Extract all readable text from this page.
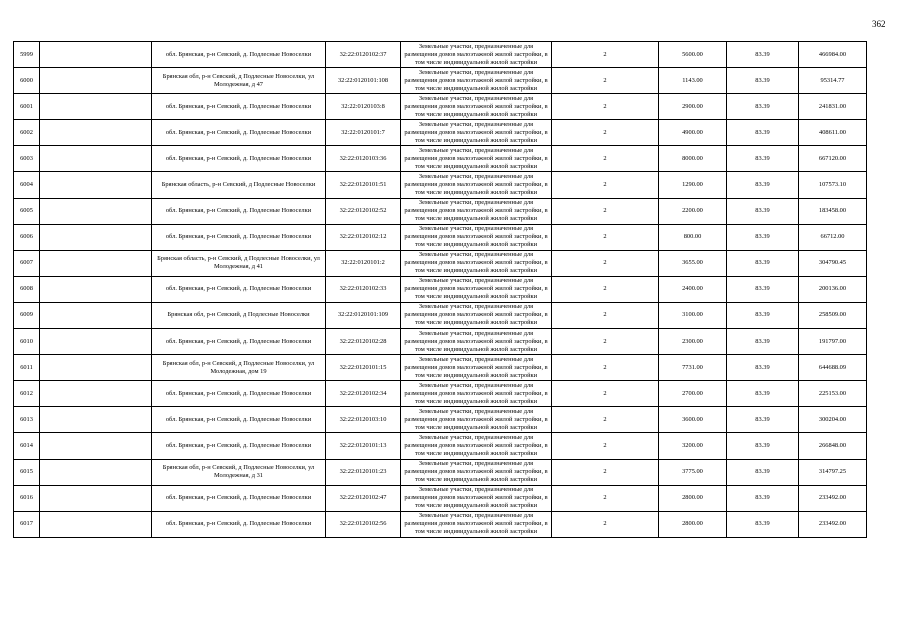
362
5999		обл. Брянская, р-н Севский, д. Подлесные Новоселки	32:22:0120102:37	Земельные участки, предназначенные для размещения домов малоэтажной жилой застройки, в том числе индивидуальной жилой застройки	2	5600.00	83.39	466984.00
6000		Брянская обл, р-н Севский, д Подлесные Новоселки, ул Молодежная, д 47	32:22:0120101:108	Земельные участки, предназначенные для размещения домов малоэтажной жилой застройки, в том числе индивидуальной жилой застройки	2	1143.00	83.39	95314.77
6001		обл. Брянская, р-н Севский, д. Подлесные Новоселки	32:22:0120103:8	Земельные участки, предназначенные для размещения домов малоэтажной жилой застройки, в том числе индивидуальной жилой застройки	2	2900.00	83.39	241831.00
6002		обл. Брянская, р-н Севский, д. Подлесные Новоселки	32:22:0120101:7	Земельные участки, предназначенные для размещения домов малоэтажной жилой застройки, в том числе индивидуальной жилой застройки	2	4900.00	83.39	408611.00
6003		обл. Брянская, р-н Севский, д. Подлесные Новоселки	32:22:0120103:36	Земельные участки, предназначенные для размещения домов малоэтажной жилой застройки, в том числе индивидуальной жилой застройки	2	8000.00	83.39	667120.00
6004		Брянская область, р-н Севский, д Подлесные Новоселки	32:22:0120101:51	Земельные участки, предназначенные для размещения домов малоэтажной жилой застройки, в том числе индивидуальной жилой застройки	2	1290.00	83.39	107573.10
6005		обл. Брянская, р-н Севский, д. Подлесные Новоселки	32:22:0120102:52	Земельные участки, предназначенные для размещения домов малоэтажной жилой застройки, в том числе индивидуальной жилой застройки	2	2200.00	83.39	183458.00
6006		обл. Брянская, р-н Севский, д. Подлесные Новоселки	32:22:0120102:12	Земельные участки, предназначенные для размещения домов малоэтажной жилой застройки, в том числе индивидуальной жилой застройки	2	800.00	83.39	66712.00
6007		Брянская область, р-н Севский, д Подлесные Новоселки, ул Молодежная, д 41	32:22:0120101:2	Земельные участки, предназначенные для размещения домов малоэтажной жилой застройки, в том числе индивидуальной жилой застройки	2	3655.00	83.39	304790.45
6008		обл. Брянская, р-н Севский, д. Подлесные Новоселки	32:22:0120102:33	Земельные участки, предназначенные для размещения домов малоэтажной жилой застройки, в том числе индивидуальной жилой застройки	2	2400.00	83.39	200136.00
6009		Брянская обл, р-н Севский, д Подлесные Новоселки	32:22:0120101:109	Земельные участки, предназначенные для размещения домов малоэтажной жилой застройки, в том числе индивидуальной жилой застройки	2	3100.00	83.39	258509.00
6010		обл. Брянская, р-н Севский, д. Подлесные Новоселки	32:22:0120102:28	Земельные участки, предназначенные для размещения домов малоэтажной жилой застройки, в том числе индивидуальной жилой застройки	2	2300.00	83.39	191797.00
6011		Брянская обл, р-н Севский, д Подлесные Новоселки, ул Молодежная, дом 19	32:22:0120101:15	Земельные участки, предназначенные для размещения домов малоэтажной жилой застройки, в том числе индивидуальной жилой застройки	2	7731.00	83.39	644688.09
6012		обл. Брянская, р-н Севский, д. Подлесные Новоселки	32:22:0120102:34	Земельные участки, предназначенные для размещения домов малоэтажной жилой застройки, в том числе индивидуальной жилой застройки	2	2700.00	83.39	225153.00
6013		обл. Брянская, р-н Севский, д. Подлесные Новоселки	32:22:0120103:10	Земельные участки, предназначенные для размещения домов малоэтажной жилой застройки, в том числе индивидуальной жилой застройки	2	3600.00	83.39	300204.00
6014		обл. Брянская, р-н Севский, д. Подлесные Новоселки	32:22:0120101:13	Земельные участки, предназначенные для размещения домов малоэтажной жилой застройки, в том числе индивидуальной жилой застройки	2	3200.00	83.39	266848.00
6015		Брянская обл, р-н Севский, д Подлесные Новоселки, ул Молодежная, д 31	32:22:0120101:23	Земельные участки, предназначенные для размещения домов малоэтажной жилой застройки, в том числе индивидуальной жилой застройки	2	3775.00	83.39	314797.25
6016		обл. Брянская, р-н Севский, д. Подлесные Новоселки	32:22:0120102:47	Земельные участки, предназначенные для размещения домов малоэтажной жилой застройки, в том числе индивидуальной жилой застройки	2	2800.00	83.39	233492.00
6017		обл. Брянская, р-н Севский, д. Подлесные Новоселки	32:22:0120102:56	Земельные участки, предназначенные для размещения домов малоэтажной жилой застройки, в том числе индивидуальной жилой застройки	2	2800.00	83.39	233492.00
